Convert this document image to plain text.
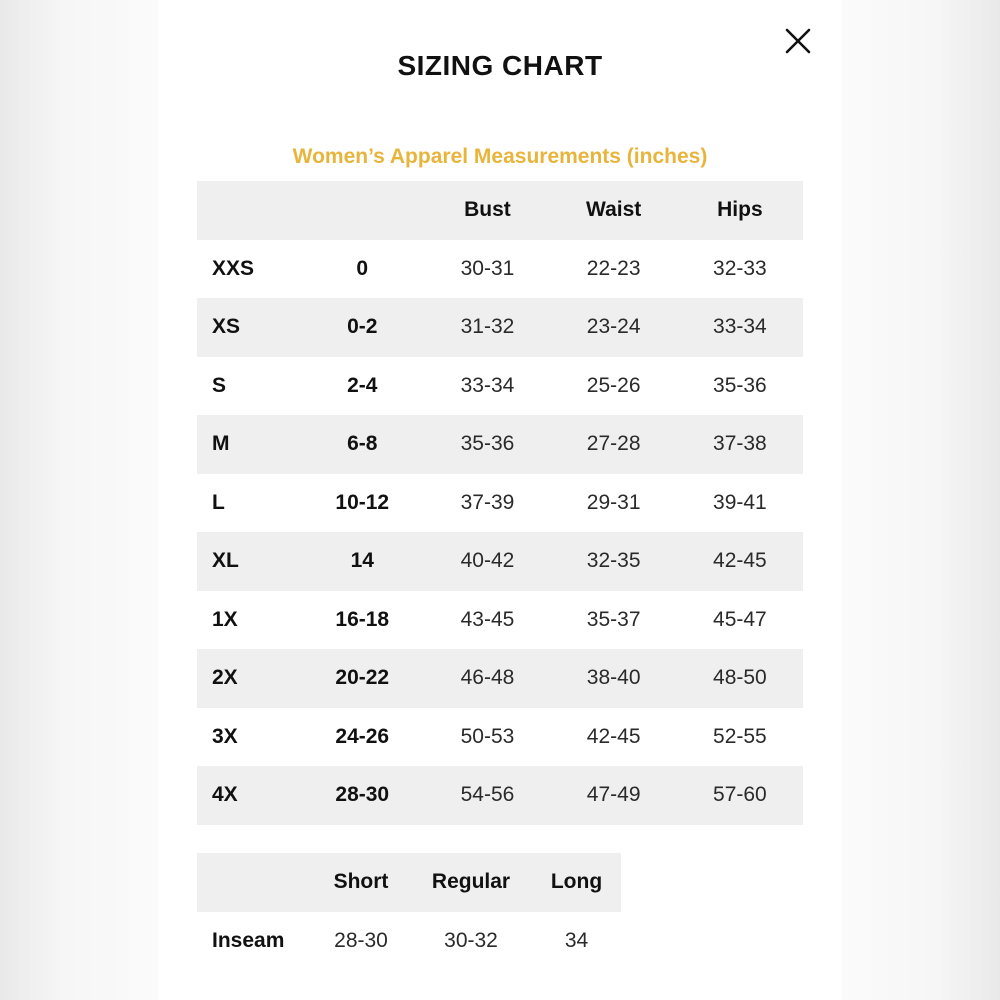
SIZING CHART
Women’s Apparel Measurements (inches)
		Bust	Waist	Hips
XXS	0	30-31	22-23	32-33
XS	0-2	31-32	23-24	33-34
S	2-4	33-34	25-26	35-36
M	6-8	35-36	27-28	37-38
L	10-12	37-39	29-31	39-41
XL	14	40-42	32-35	42-45
1X	16-18	43-45	35-37	45-47
2X	20-22	46-48	38-40	48-50
3X	24-26	50-53	42-45	52-55
4X	28-30	54-56	47-49	57-60
	Short	Regular	Long
Inseam	28-30	30-32	34
